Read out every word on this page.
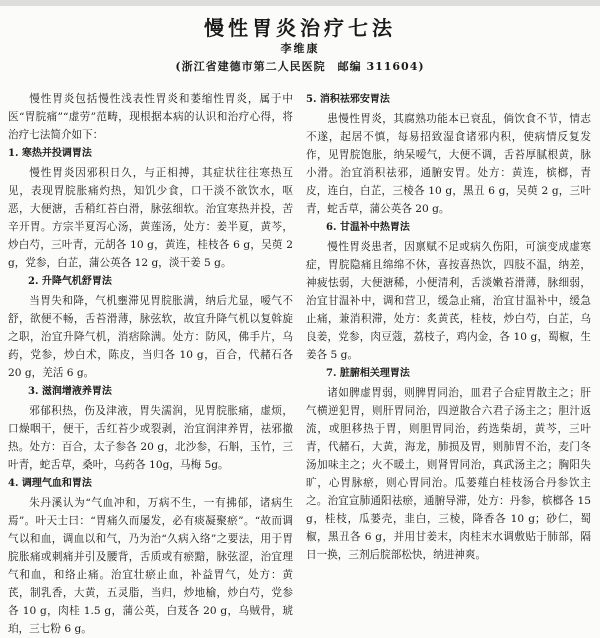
慢性胃炎治疗七法
李维康
(浙江省建德市第二人民医院　邮编 311604)

慢性胃炎包括慢性浅表性胃炎和萎缩性胃炎，属于中医“胃脘痛”“虚劳”范畴，现根据本病的认识和治疗心得，将治疗七法简介如下：

1. 寒热并投调胃法

慢性胃炎因邪积日久，与正相搏，其症状往往寒热互见，表现胃脘胀痛灼热，知饥少食，口干淡不欲饮水，呕恶，大便溏，舌稍红苔白滑，脉弦细软。治宜寒热并投，苦辛开胃。方宗半夏泻心汤，黄莲汤，处方：姜半夏，黄芩，炒白芍，三叶青，元胡各 10 g，黄连，桂枝各 6 g，吴萸 2 g，党参，白芷，蒲公英各 12 g，淡干姜 5 g。

2. 升降气机舒胃法

当胃失和降，气机壅滞见胃脘胀满，纳后尤显，嗳气不舒，欲便不畅，舌苔滑薄，脉弦软，故宜升降气机以复斡旋之职，治宜升降气机，消痞除满。处方：防风，佛手片，乌药，党参，炒白术，陈皮，当归各 10 g，百合，代赭石各 20 g，羌活 6 g。

3. 滋润增液养胃法

邪郁积热，伤及津液，胃失濡润，见胃脘胀痛，虚烦，口燥咽干，便干，舌红苔少或裂剥，治宜润津养胃，祛邪撤热。处方：百合，太子参各 20 g，北沙参，石斛，玉竹，三叶青，蛇舌草，桑叶，乌药各 10g，马梅 5g。

4. 调理气血和胃法

朱丹溪认为“气血冲和，万病不生，一有拂郁，诸病生焉”。叶天士曰：“胃痛久而屡发，必有痰凝聚瘀”。“故而调气以和血，调血以和气，乃为治“久病入络”之要法，用于胃脘胀痛或刺痛并引及腰背，舌质或有瘀黯，脉弦涩，治宜理气和血，和络止痛。治宜壮瘀止血，补益胃气，处方：黄芪，制乳香，大黄，五灵脂，当归，炒地榆，炒白芍，党参各 10 g，肉桂 1.5 g，蒲公英，白芨各 20 g，乌贼骨，琥珀，三七粉 6 g。

5. 消积祛邪安胃法

患慢性胃炎，其腐熟功能本已衰乱，倘饮食不节，情志不遂，起居不慎，每易招致湿食诸邪内积，使病情反复发作，见胃脘饱胀，纳呆嗳气，大便不调，舌苔厚腻根黄，脉小滑。治宜消积祛邪，通腑安胃。处方：黄连，槟榔，青皮，连白，白芷，三棱各 10 g，黑丑 6 g，吴萸 2 g，三叶青，蛇舌草，蒲公英各 20 g。

6. 甘温补中热胃法

慢性胃炎患者，因禀赋不足或病久伤阳，可演变成虚寒症，胃脘隐痛且绵绵不休，喜按喜热饮，四肢不温，纳差，神疲怯弱，大便溏稀，小便清利，舌淡嫩苔滑薄，脉细弱，治宜甘温补中，调和营卫，缓急止痛，治宜甘温补中，缓急止痛，兼消积滞，处方：炙黄芪，桂枝，炒白芍，白芷，乌良姜，党参，肉豆蔻，荔枝子，鸡内金，各 10 g，蜀椒，生姜各 5 g。

7. 脏腑相关理胃法

诸如脾虚胃弱，则脾胃同治，皿君子合症胃散主之；肝气横逆犯胃，则肝胃同治，四逆散合六君子汤主之；胆汁返流，或胆移热于胃，则胆胃同治，药选柴胡，黄芩，三叶青，代赭石，大黄，海龙，肺损及胃，则肺胃不治，麦门冬汤加味主之；火不暖土，则肾胃同治，真武汤主之；胸阳失旷，心胃脉瘀，则心胃同治。瓜蒌薤白桂枝汤合丹参饮主之。治宜宣肺通阳祛瘀，通腑导滞，处方：丹参，槟榔各 15 g，桂枝，瓜蒌壳，韭白，三棱，降香各 10 g；砂仁，蜀椒，黑丑各 6 g，并用甘姜末，肉桂末水调敷贴于肺部，隔日一换，三剂后脘部松快，纳进神爽。
